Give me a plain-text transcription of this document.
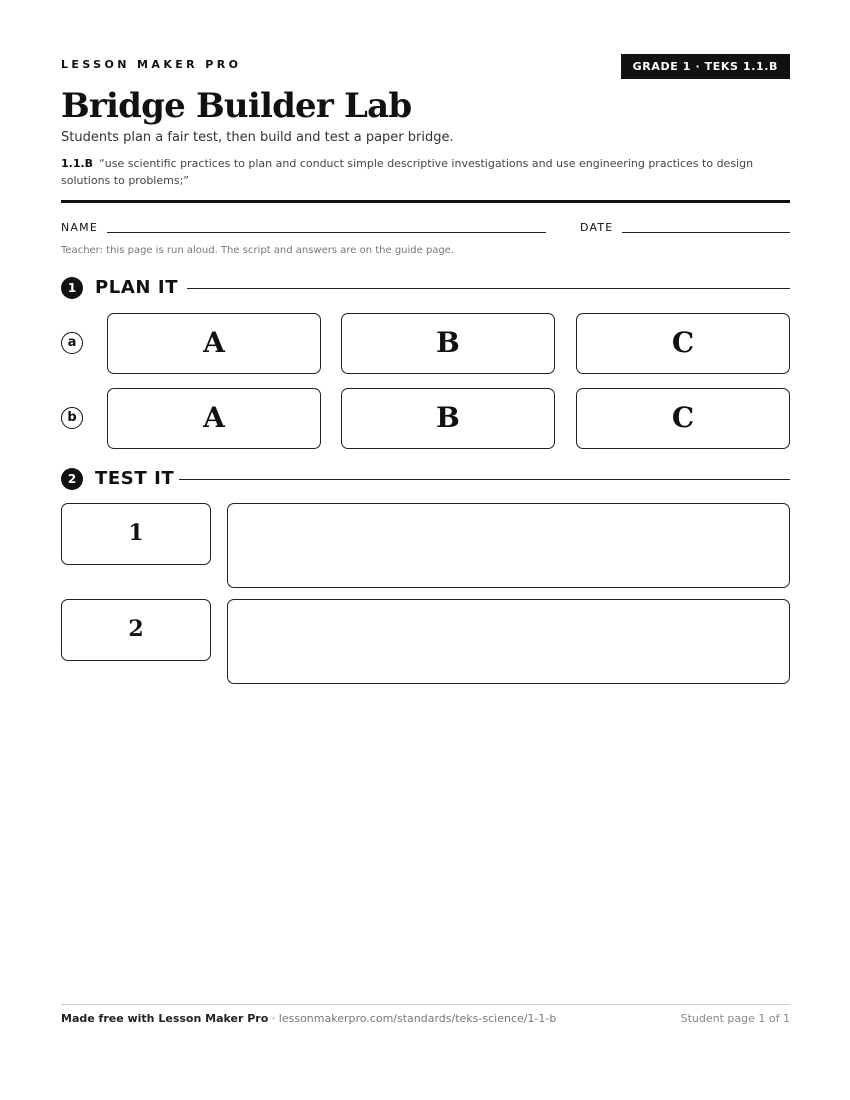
LESSON MAKER PRO	GRADE 1 · TEKS 1.1.B
Bridge Builder Lab
Students plan a fair test, then build and test a paper bridge.
1.1.B “use scientific practices to plan and conduct simple descriptive investigations and use engineering practices to design solutions to problems;”
NAME	DATE
Teacher: this page is run aloud. The script and answers are on the guide page.
1	PLAN IT
a	A	B	C
b	A	B	C
2	TEST IT
1
2
Made free with Lesson Maker Pro · lessonmakerpro.com/standards/teks-science/1-1-b	Student page 1 of 1
